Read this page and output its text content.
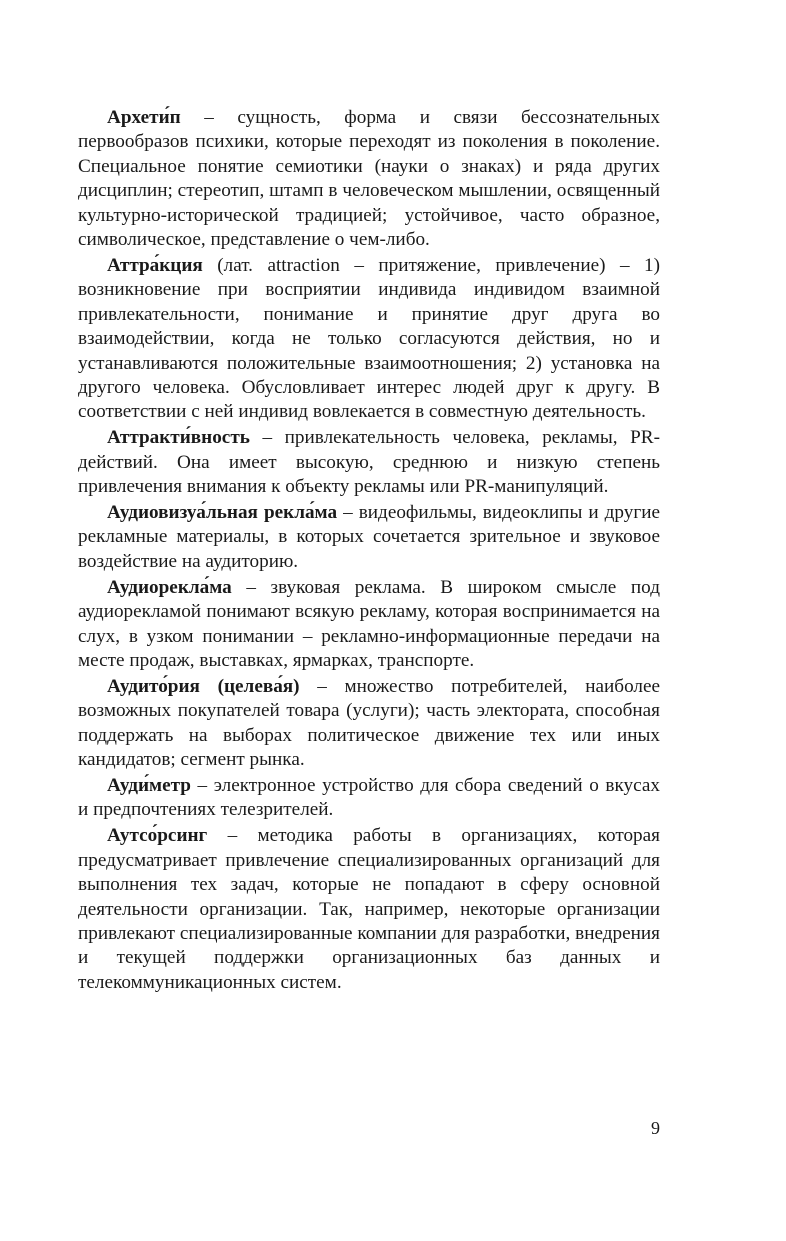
Архети́п – сущность, форма и связи бессознательных первообразов психики, которые переходят из поколения в поколение. Специальное понятие семиотики (науки о знаках) и ряда других дисциплин; стереотип, штамп в человеческом мышлении, освященный культурно-исторической традицией; устойчивое, часто образное, символическое, представление о чем-либо.

Аттра́кция (лат. attraction – притяжение, привлечение) – 1) возникновение при восприятии индивида индивидом взаимной привлекательности, понимание и принятие друг друга во взаимодействии, когда не только согласуются действия, но и устанавливаются положительные взаимоотношения; 2) установка на другого человека. Обусловливает интерес людей друг к другу. В соответствии с ней индивид вовлекается в совместную деятельность.

Аттракти́вность – привлекательность человека, рекламы, PR-действий. Она имеет высокую, среднюю и низкую степень привлечения внимания к объекту рекламы или PR-манипуляций.

Аудиовизуа́льная рекла́ма – видеофильмы, видеоклипы и другие рекламные материалы, в которых сочетается зрительное и звуковое воздействие на аудиторию.

Аудиорекла́ма – звуковая реклама. В широком смысле под аудиорекламой понимают всякую рекламу, которая воспринимается на слух, в узком понимании – рекламно-информационные передачи на месте продаж, выставках, ярмарках, транспорте.

Аудито́рия (целева́я) – множество потребителей, наиболее возможных покупателей товара (услуги); часть электората, способная поддержать на выборах политическое движение тех или иных кандидатов; сегмент рынка.

Ауди́метр – электронное устройство для сбора сведений о вкусах и предпочтениях телезрителей.

Аутсо́рсинг – методика работы в организациях, которая предусматривает привлечение специализированных организаций для выполнения тех задач, которые не попадают в сферу основной деятельности организации. Так, например, некоторые организации привлекают специализированные компании для разработки, внедрения и текущей поддержки организационных баз данных и телекоммуникационных систем.

9
